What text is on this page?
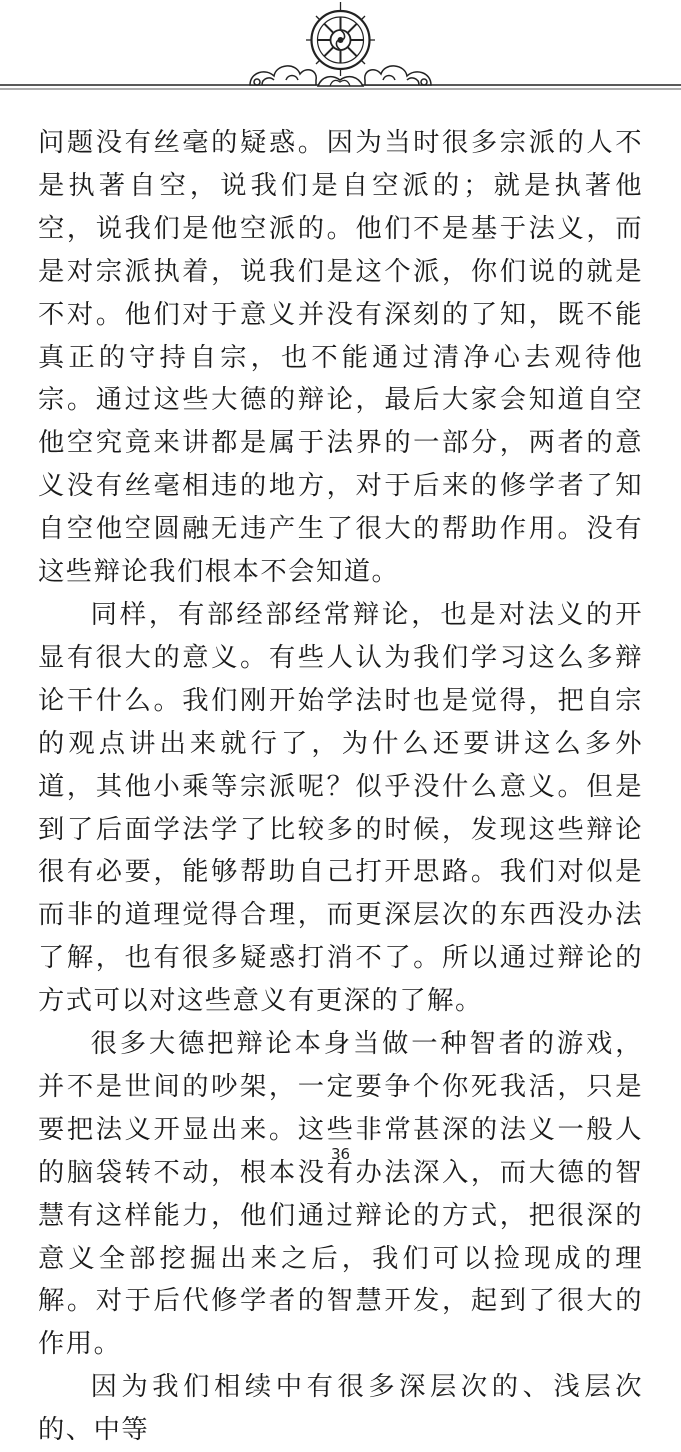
问题没有丝毫的疑惑。因为当时很多宗派的人不是执著自空，说我们是自空派的；就是执著他空，说我们是他空派的。他们不是基于法义，而是对宗派执着，说我们是这个派，你们说的就是不对。他们对于意义并没有深刻的了知，既不能真正的守持自宗，也不能通过清净心去观待他宗。通过这些大德的辩论，最后大家会知道自空他空究竟来讲都是属于法界的一部分，两者的意义没有丝毫相违的地方，对于后来的修学者了知自空他空圆融无违产生了很大的帮助作用。没有这些辩论我们根本不会知道。

同样，有部经部经常辩论，也是对法义的开显有很大的意义。有些人认为我们学习这么多辩论干什么。我们刚开始学法时也是觉得，把自宗的观点讲出来就行了，为什么还要讲这么多外道，其他小乘等宗派呢？似乎没什么意义。但是到了后面学法学了比较多的时候，发现这些辩论很有必要，能够帮助自己打开思路。我们对似是而非的道理觉得合理，而更深层次的东西没办法了解，也有很多疑惑打消不了。所以通过辩论的方式可以对这些意义有更深的了解。

很多大德把辩论本身当做一种智者的游戏，并不是世间的吵架，一定要争个你死我活，只是要把法义开显出来。这些非常甚深的法义一般人的脑袋转不动，根本没有办法深入，而大德的智慧有这样能力，他们通过辩论的方式，把很深的意义全部挖掘出来之后，我们可以捡现成的理解。对于后代修学者的智慧开发，起到了很大的作用。

因为我们相续中有很多深层次的、浅层次的、中等

36
